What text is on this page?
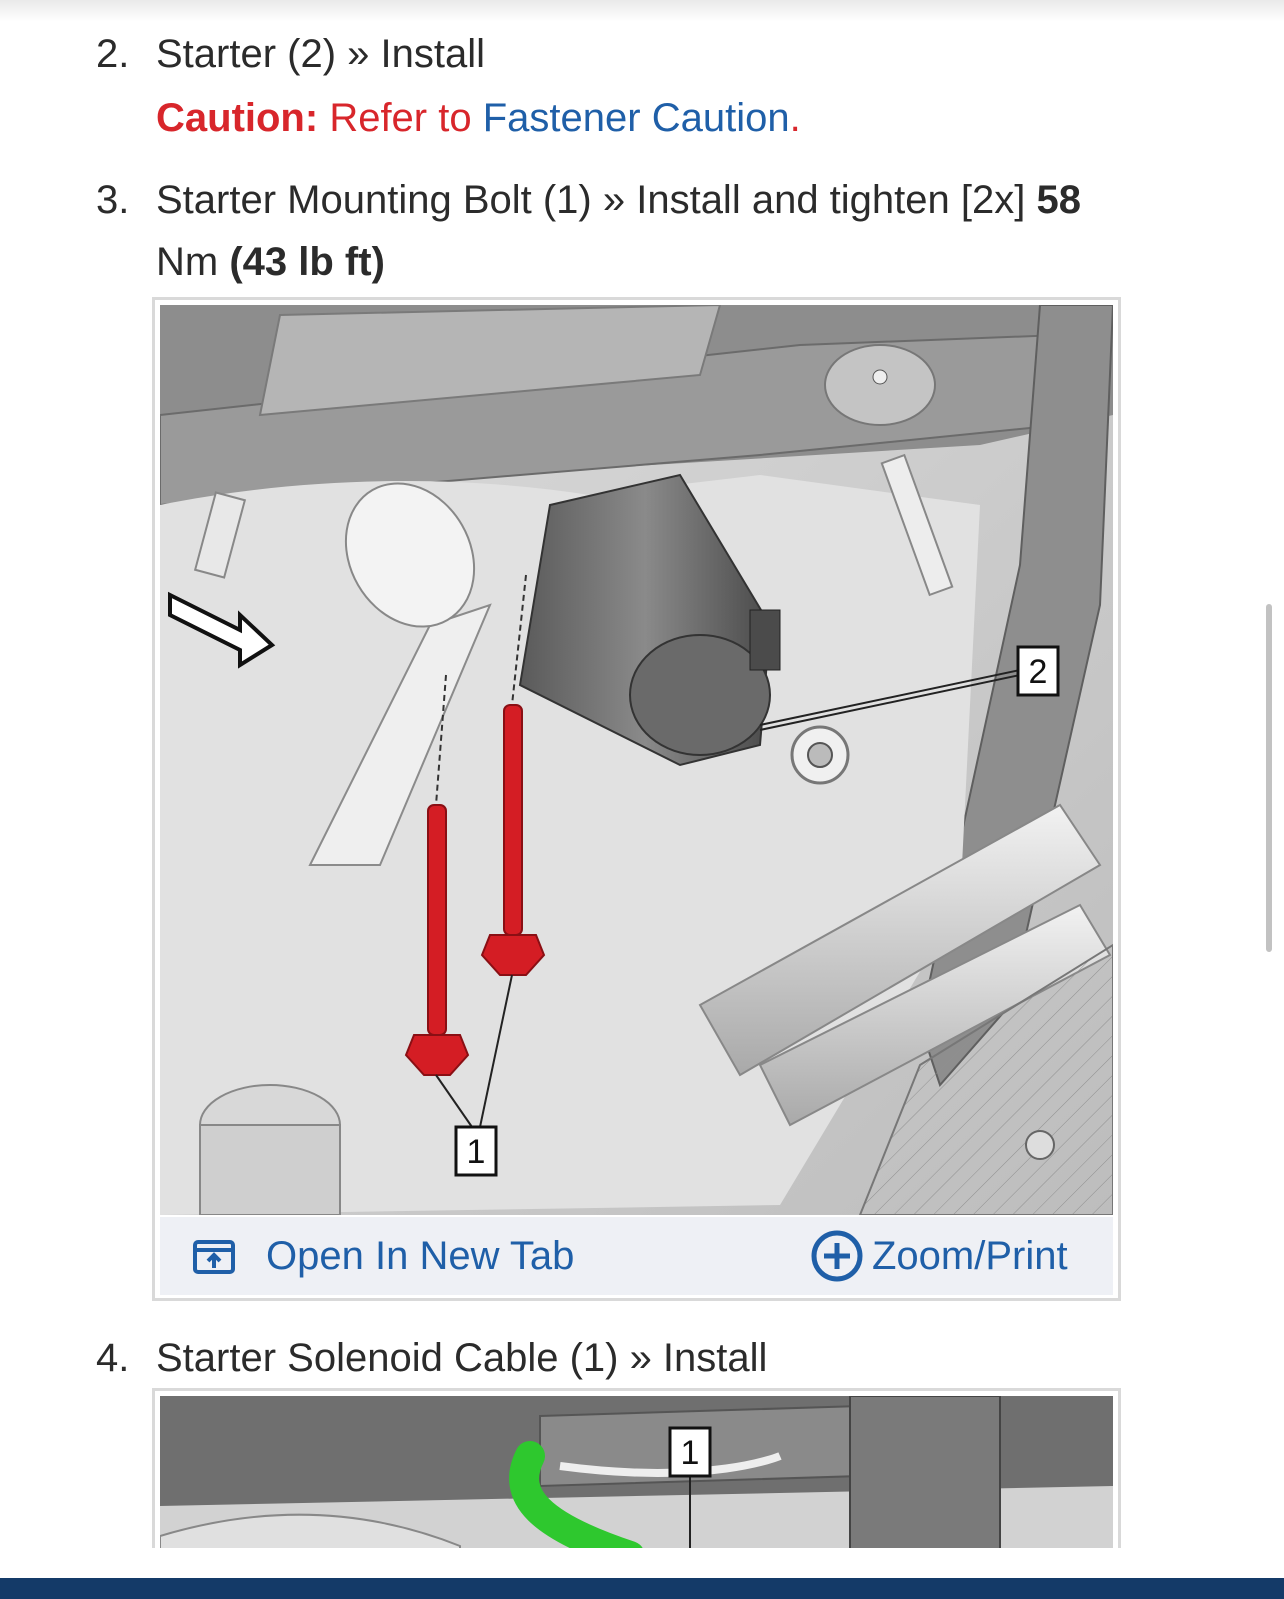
2. Starter (2) » Install
Caution: Refer to Fastener Caution.
3. Starter Mounting Bolt (1) » Install and tighten [2x] 58
Nm (43 lb ft)
1
2
Open In New Tab	Zoom/Print
4. Starter Solenoid Cable (1) » Install
1
